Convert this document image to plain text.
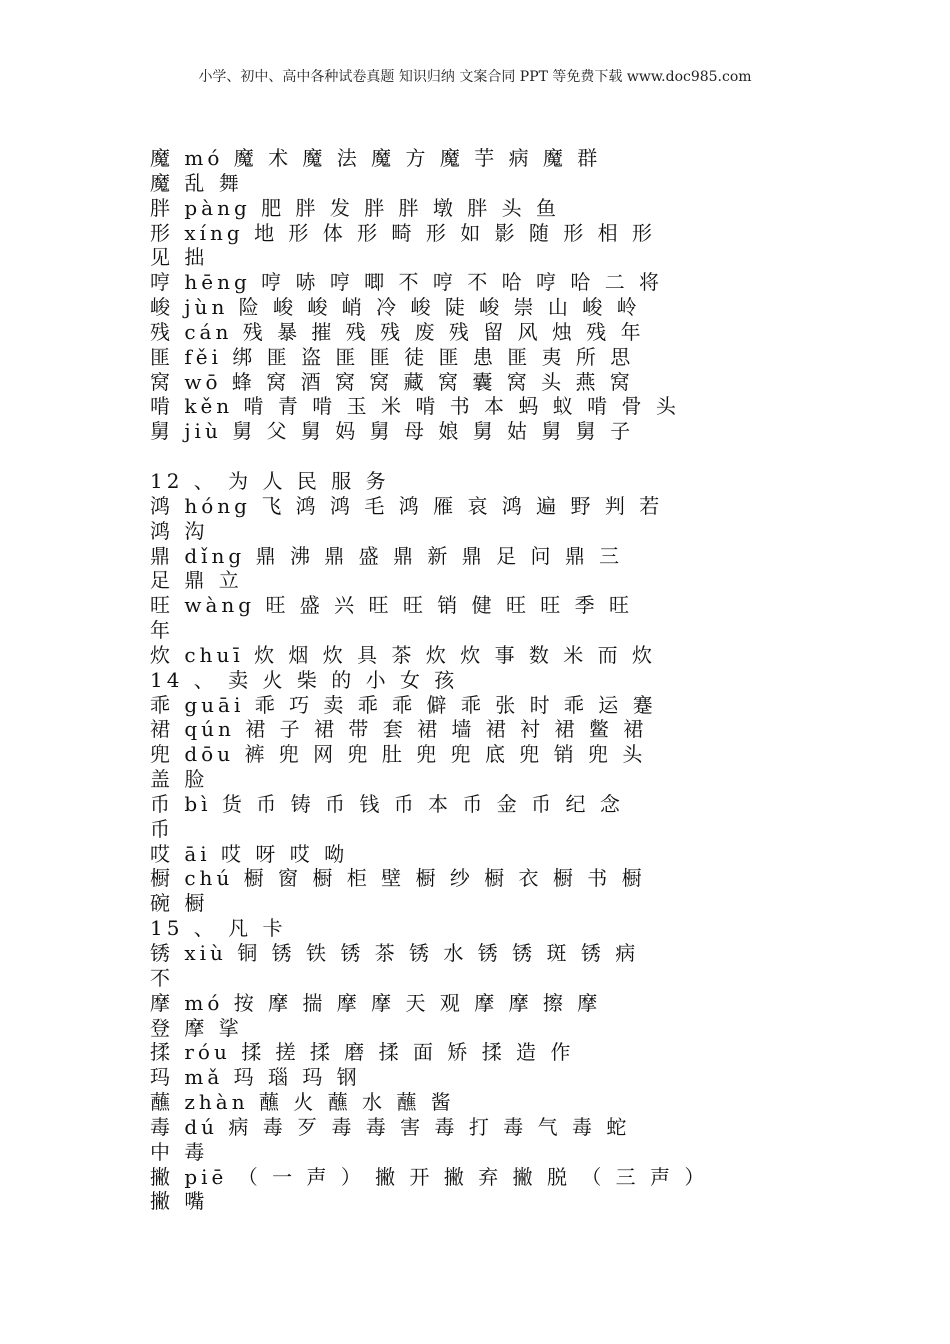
小学、初中、高中各种试卷真题 知识归纳 文案合同 PPT 等免费下载 www.doc985.com
魔 mó 魔 术 魔 法 魔 方 魔 芋 病 魔 群
魔 乱 舞
胖 pàng 肥 胖 发 胖 胖 墩 胖 头 鱼
形 xíng 地 形 体 形 畸 形 如 影 随 形 相 形
见 拙
哼 hēng 哼 哧 哼 唧 不 哼 不 哈 哼 哈 二 将
峻 jùn 险 峻 峻 峭 冷 峻 陡 峻 崇 山 峻 岭
残 cán 残 暴 摧 残 残 废 残 留 风 烛 残 年
匪 fěi 绑 匪 盗 匪 匪 徒 匪 患 匪 夷 所 思
窝 wō 蜂 窝 酒 窝 窝 藏 窝 囊 窝 头 燕 窝
啃 kěn 啃 青 啃 玉 米 啃 书 本 蚂 蚁 啃 骨 头
舅 jiù 舅 父 舅 妈 舅 母 娘 舅 姑 舅 舅 子
12 、 为 人 民 服 务
鸿 hóng 飞 鸿 鸿 毛 鸿 雁 哀 鸿 遍 野 判 若
鸿 沟
鼎 dǐng 鼎 沸 鼎 盛 鼎 新 鼎 足 问 鼎 三
足 鼎 立
旺 wàng 旺 盛 兴 旺 旺 销 健 旺 旺 季 旺
年
炊 chuī 炊 烟 炊 具 茶 炊 炊 事 数 米 而 炊
14 、 卖 火 柴 的 小 女 孩
乖 guāi 乖 巧 卖 乖 乖 僻 乖 张 时 乖 运 蹇
裙 qún 裙 子 裙 带 套 裙 墙 裙 衬 裙 鳖 裙
兜 dōu 裤 兜 网 兜 肚 兜 兜 底 兜 销 兜 头
盖 脸
币 bì 货 币 铸 币 钱 币 本 币 金 币 纪 念
币
哎 āi 哎 呀 哎 呦
橱 chú 橱 窗 橱 柜 壁 橱 纱 橱 衣 橱 书 橱
碗 橱
15 、 凡 卡
锈 xiù 铜 锈 铁 锈 茶 锈 水 锈 锈 斑 锈 病
不
摩 mó 按 摩 揣 摩 摩 天 观 摩 摩 擦 摩
登 摩 挲
揉 róu 揉 搓 揉 磨 揉 面 矫 揉 造 作
玛 mǎ 玛 瑙 玛 钢
蘸 zhàn 蘸 火 蘸 水 蘸 酱
毒 dú 病 毒 歹 毒 毒 害 毒 打 毒 气 毒 蛇
中 毒
撇 piē （ 一 声 ） 撇 开 撇 弃 撇 脱 （ 三 声 ）
撇 嘴
